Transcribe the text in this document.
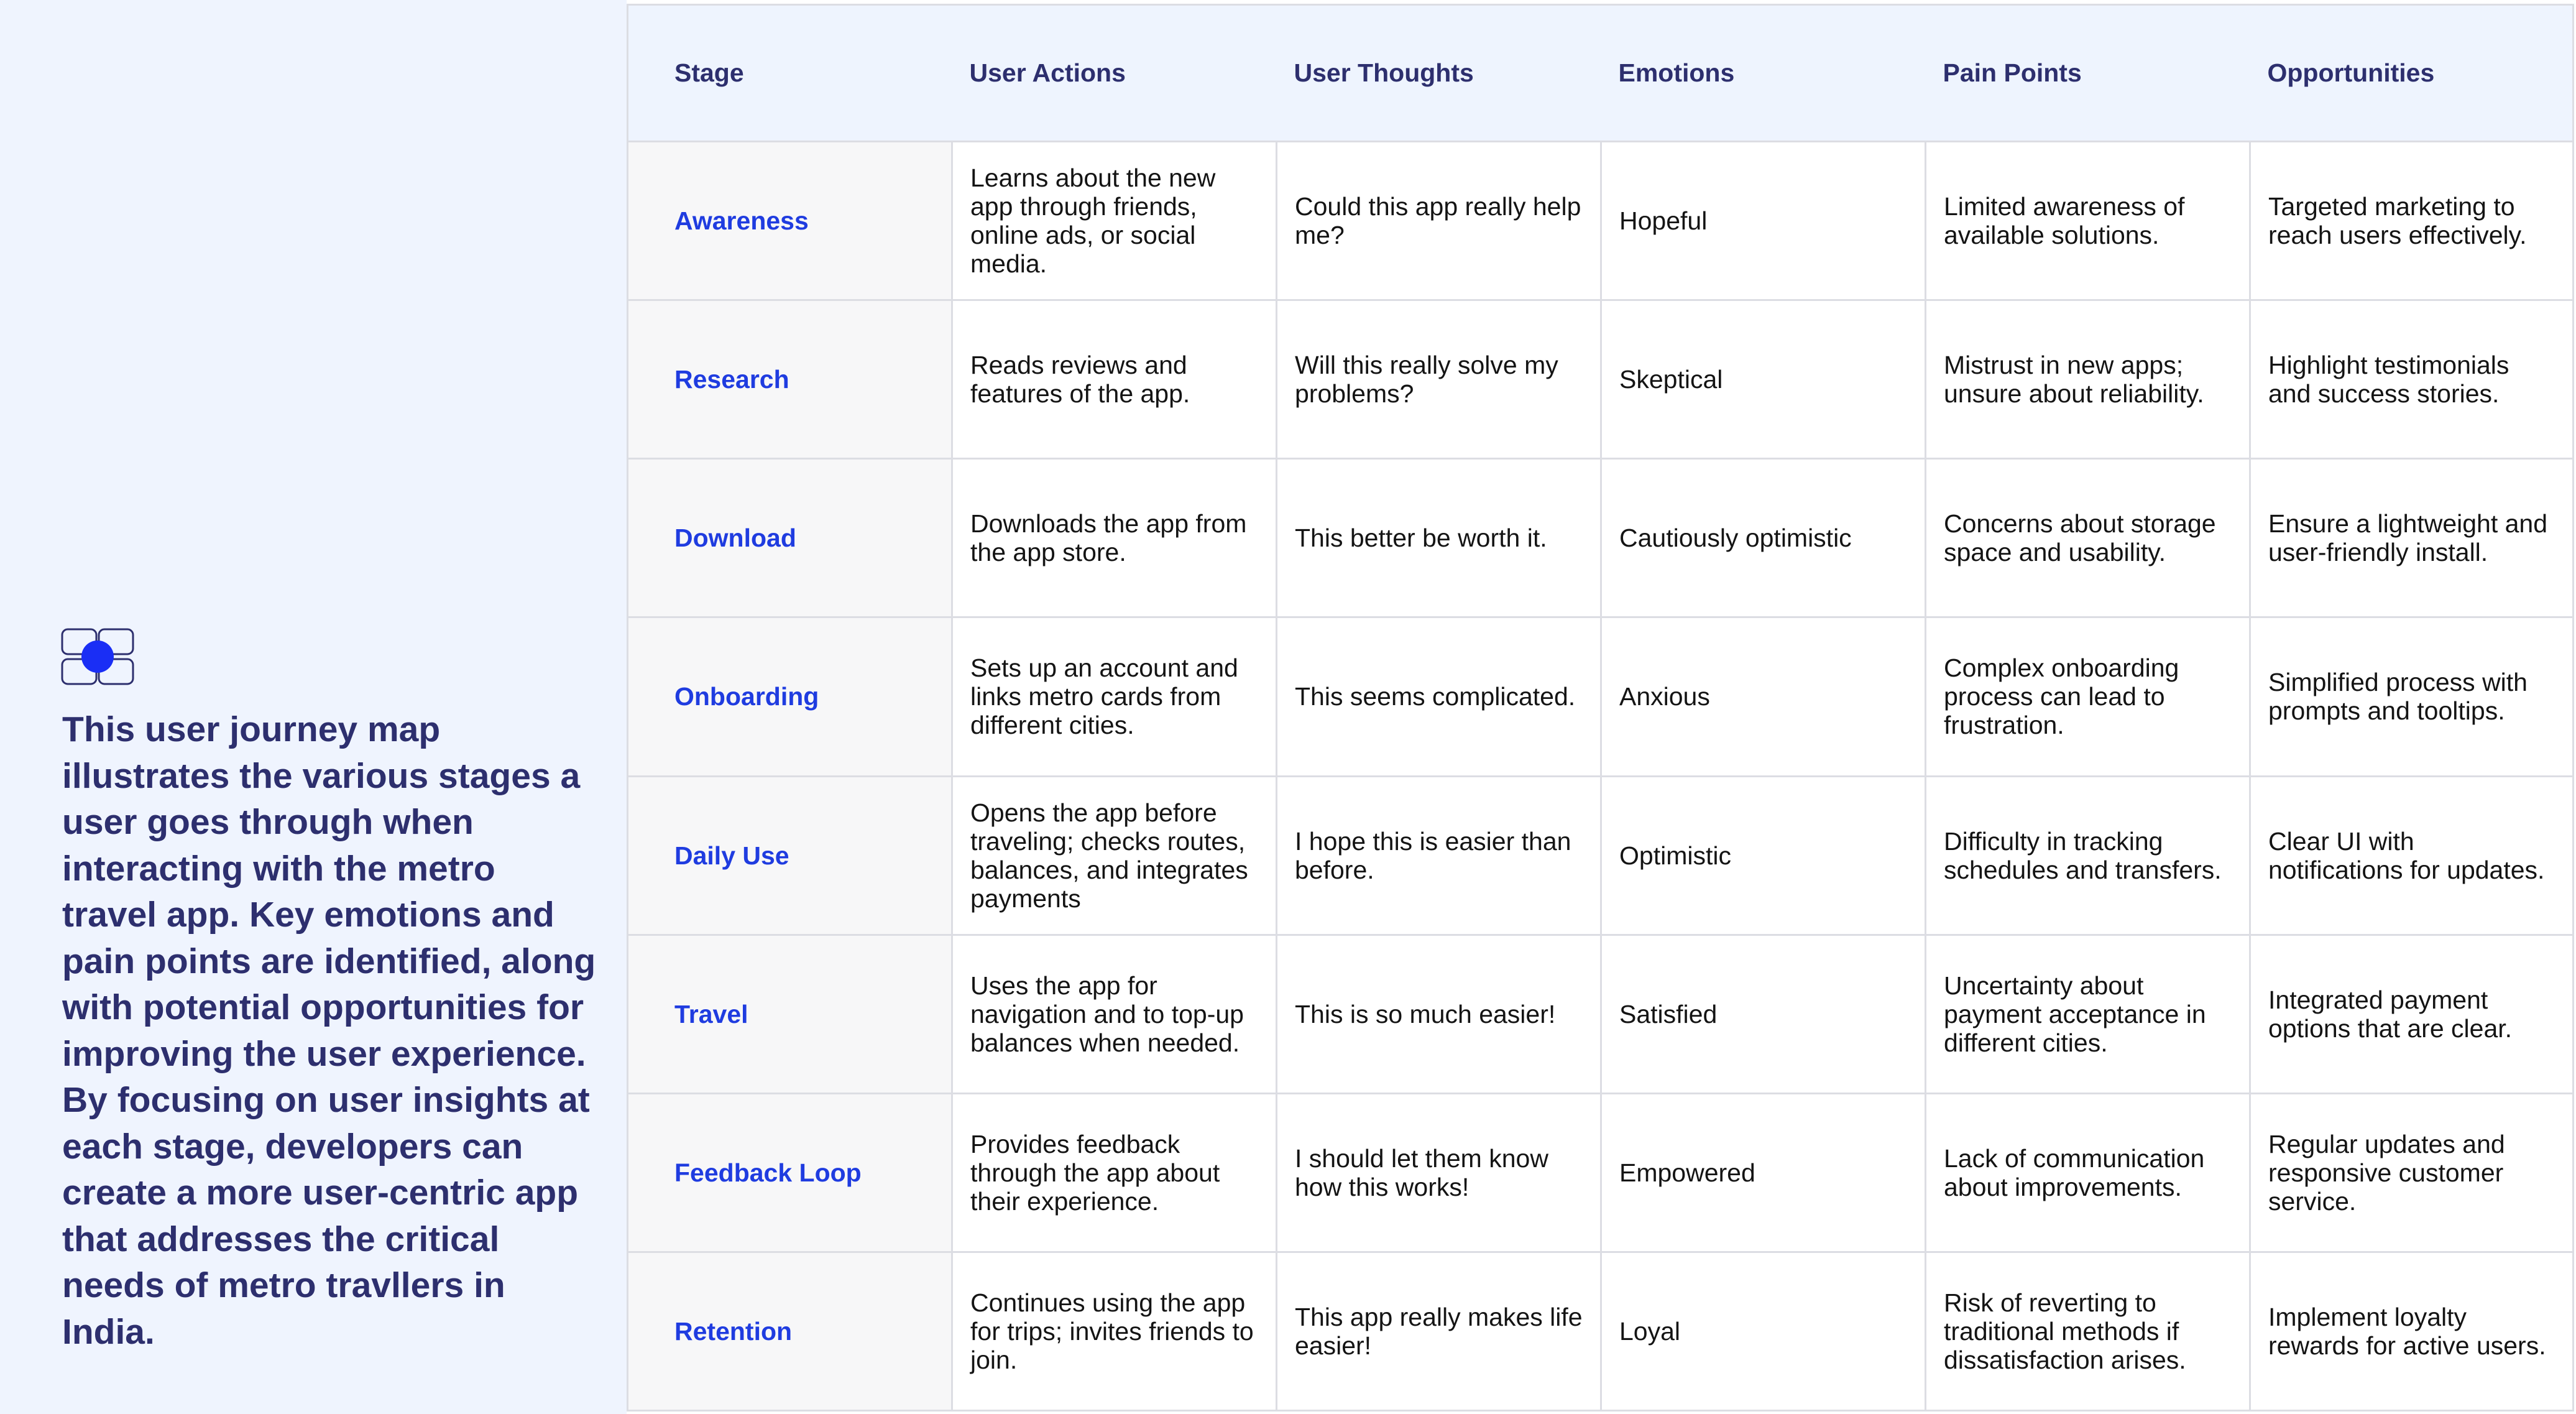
This user journey map illustrates the various stages a user goes through when interacting with the metro travel app. Key emotions and pain points are identified, along with potential opportunities for improving the user experience. By focusing on user insights at each stage, developers can create a more user-centric app that addresses the critical needs of metro travllers in India.

Stage	User Actions	User Thoughts	Emotions	Pain Points	Opportunities
Awareness	Learns about the new app through friends, online ads, or social media.	Could this app really help me?	Hopeful	Limited awareness of available solutions.	Targeted marketing to reach users effectively.
Research	Reads reviews and features of the app.	Will this really solve my problems?	Skeptical	Mistrust in new apps; unsure about reliability.	Highlight testimonials and success stories.
Download	Downloads the app from the app store.	This better be worth it.	Cautiously optimistic	Concerns about storage space and usability.	Ensure a lightweight and user-friendly install.
Onboarding	Sets up an account and links metro cards from different cities.	This seems complicated.	Anxious	Complex onboarding process can lead to frustration.	Simplified process with prompts and tooltips.
Daily Use	Opens the app before traveling; checks routes, balances, and integrates payments	I hope this is easier than before.	Optimistic	Difficulty in tracking schedules and transfers.	Clear UI with notifications for updates.
Travel	Uses the app for navigation and to top-up balances when needed.	This is so much easier!	Satisfied	Uncertainty about payment acceptance in different cities.	Integrated payment options that are clear.
Feedback Loop	Provides feedback through the app about their experience.	I should let them know how this works!	Empowered	Lack of communication about improvements.	Regular updates and responsive customer service.
Retention	Continues using the app for trips; invites friends to join.	This app really makes life easier!	Loyal	Risk of reverting to traditional methods if dissatisfaction arises.	Implement loyalty rewards for active users.
